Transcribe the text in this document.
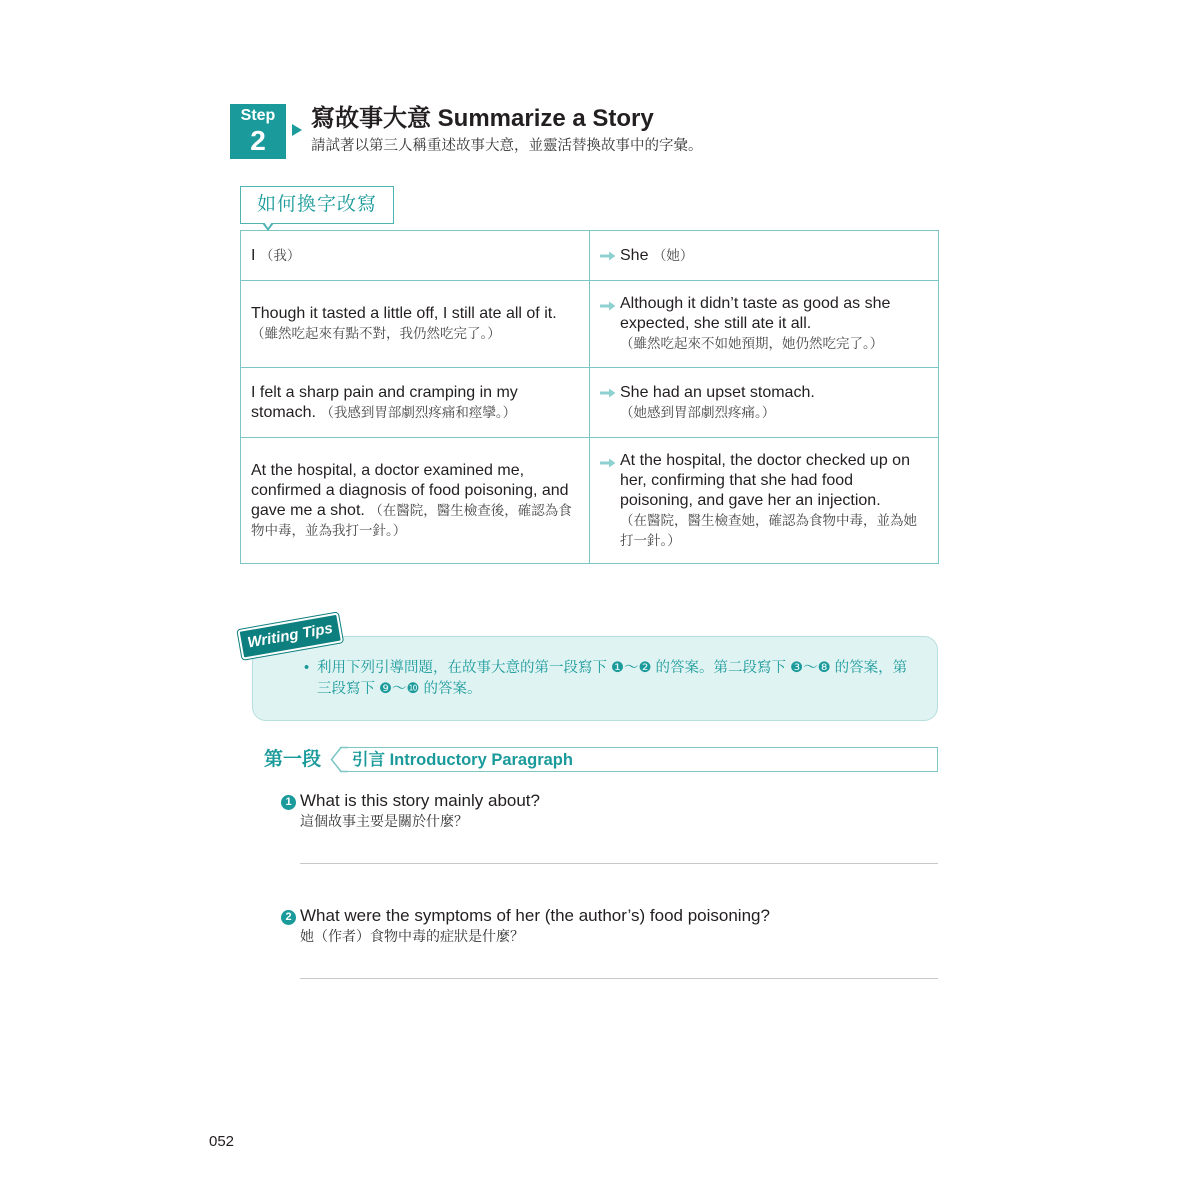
Step
2
寫故事大意 Summarize a Story
請試著以第三人稱重述故事大意，並靈活替換故事中的字彙。
如何換字改寫
I （我）	She （她）
Though it tasted a little off, I still ate all of it. （雖然吃起來有點不對，我仍然吃完了。）	Although it didn’t taste as good as she expected, she still ate it all.
（雖然吃起來不如她預期，她仍然吃完了。）

I felt a sharp pain and cramping in my stomach. （我感到胃部劇烈疼痛和痙攣。）	She had an upset stomach.
（她感到胃部劇烈疼痛。）

At the hospital, a doctor examined me, confirmed a diagnosis of food poisoning, and gave me a shot. （在醫院，醫生檢查後，確認為食物中毒，並為我打一針。）	At the hospital, the doctor checked up on her, confirming that she had food poisoning, and gave her an injection.
（在醫院，醫生檢查她，確認為食物中毒，並為她打一針。）
Writing Tips
• 利用下列引導問題，在故事大意的第一段寫下 ❶～❷ 的答案。第二段寫下 ❸～❽ 的答案，第三段寫下 ❾～❿ 的答案。
第一段 引言 Introductory Paragraph
1 What is this story mainly about?
這個故事主要是關於什麼？
2 What were the symptoms of her (the author’s) food poisoning?
她（作者）食物中毒的症狀是什麼？
052
